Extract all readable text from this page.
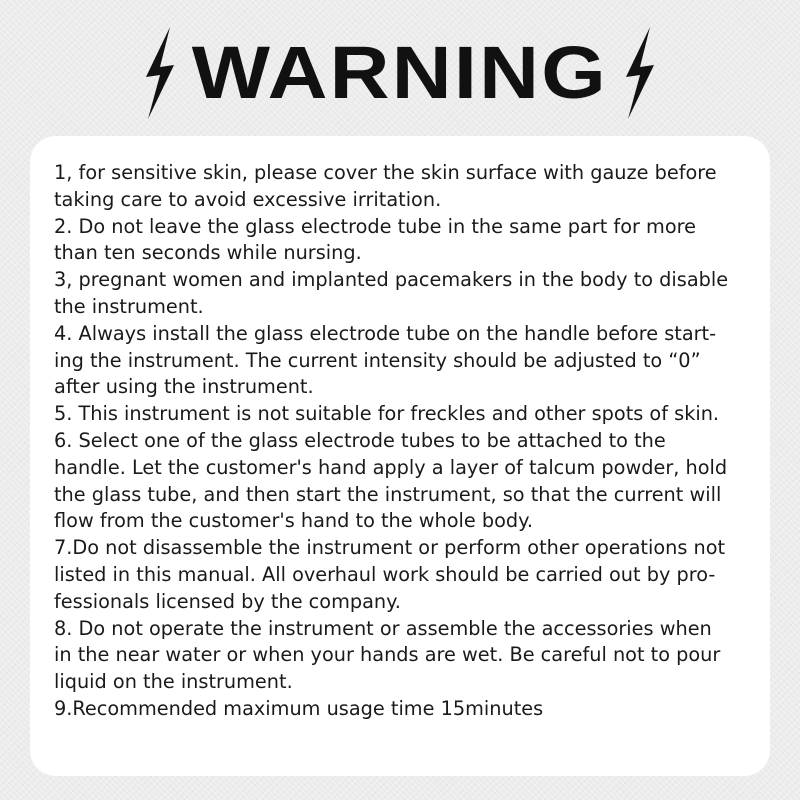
WARNING

1, for sensitive skin, please cover the skin surface with gauze before

taking care to avoid excessive irritation.

2. Do not leave the glass electrode tube in the same part for more

than ten seconds while nursing.

3, pregnant women and implanted pacemakers in the body to disable

the instrument.

4. Always install the glass electrode tube on the handle before start-

ing the instrument. The current intensity should be adjusted to “0”

after using the instrument.

5. This instrument is not suitable for freckles and other spots of skin.

6. Select one of the glass electrode tubes to be attached to the

handle. Let the customer's hand apply a layer of talcum powder, hold

the glass tube, and then start the instrument, so that the current will

flow from the customer's hand to the whole body.

7.Do not disassemble the instrument or perform other operations not

listed in this manual. All overhaul work should be carried out by pro-

fessionals licensed by the company.

8. Do not operate the instrument or assemble the accessories when

in the near water or when your hands are wet. Be careful not to pour

liquid on the instrument.

9.Recommended maximum usage time 15minutes
